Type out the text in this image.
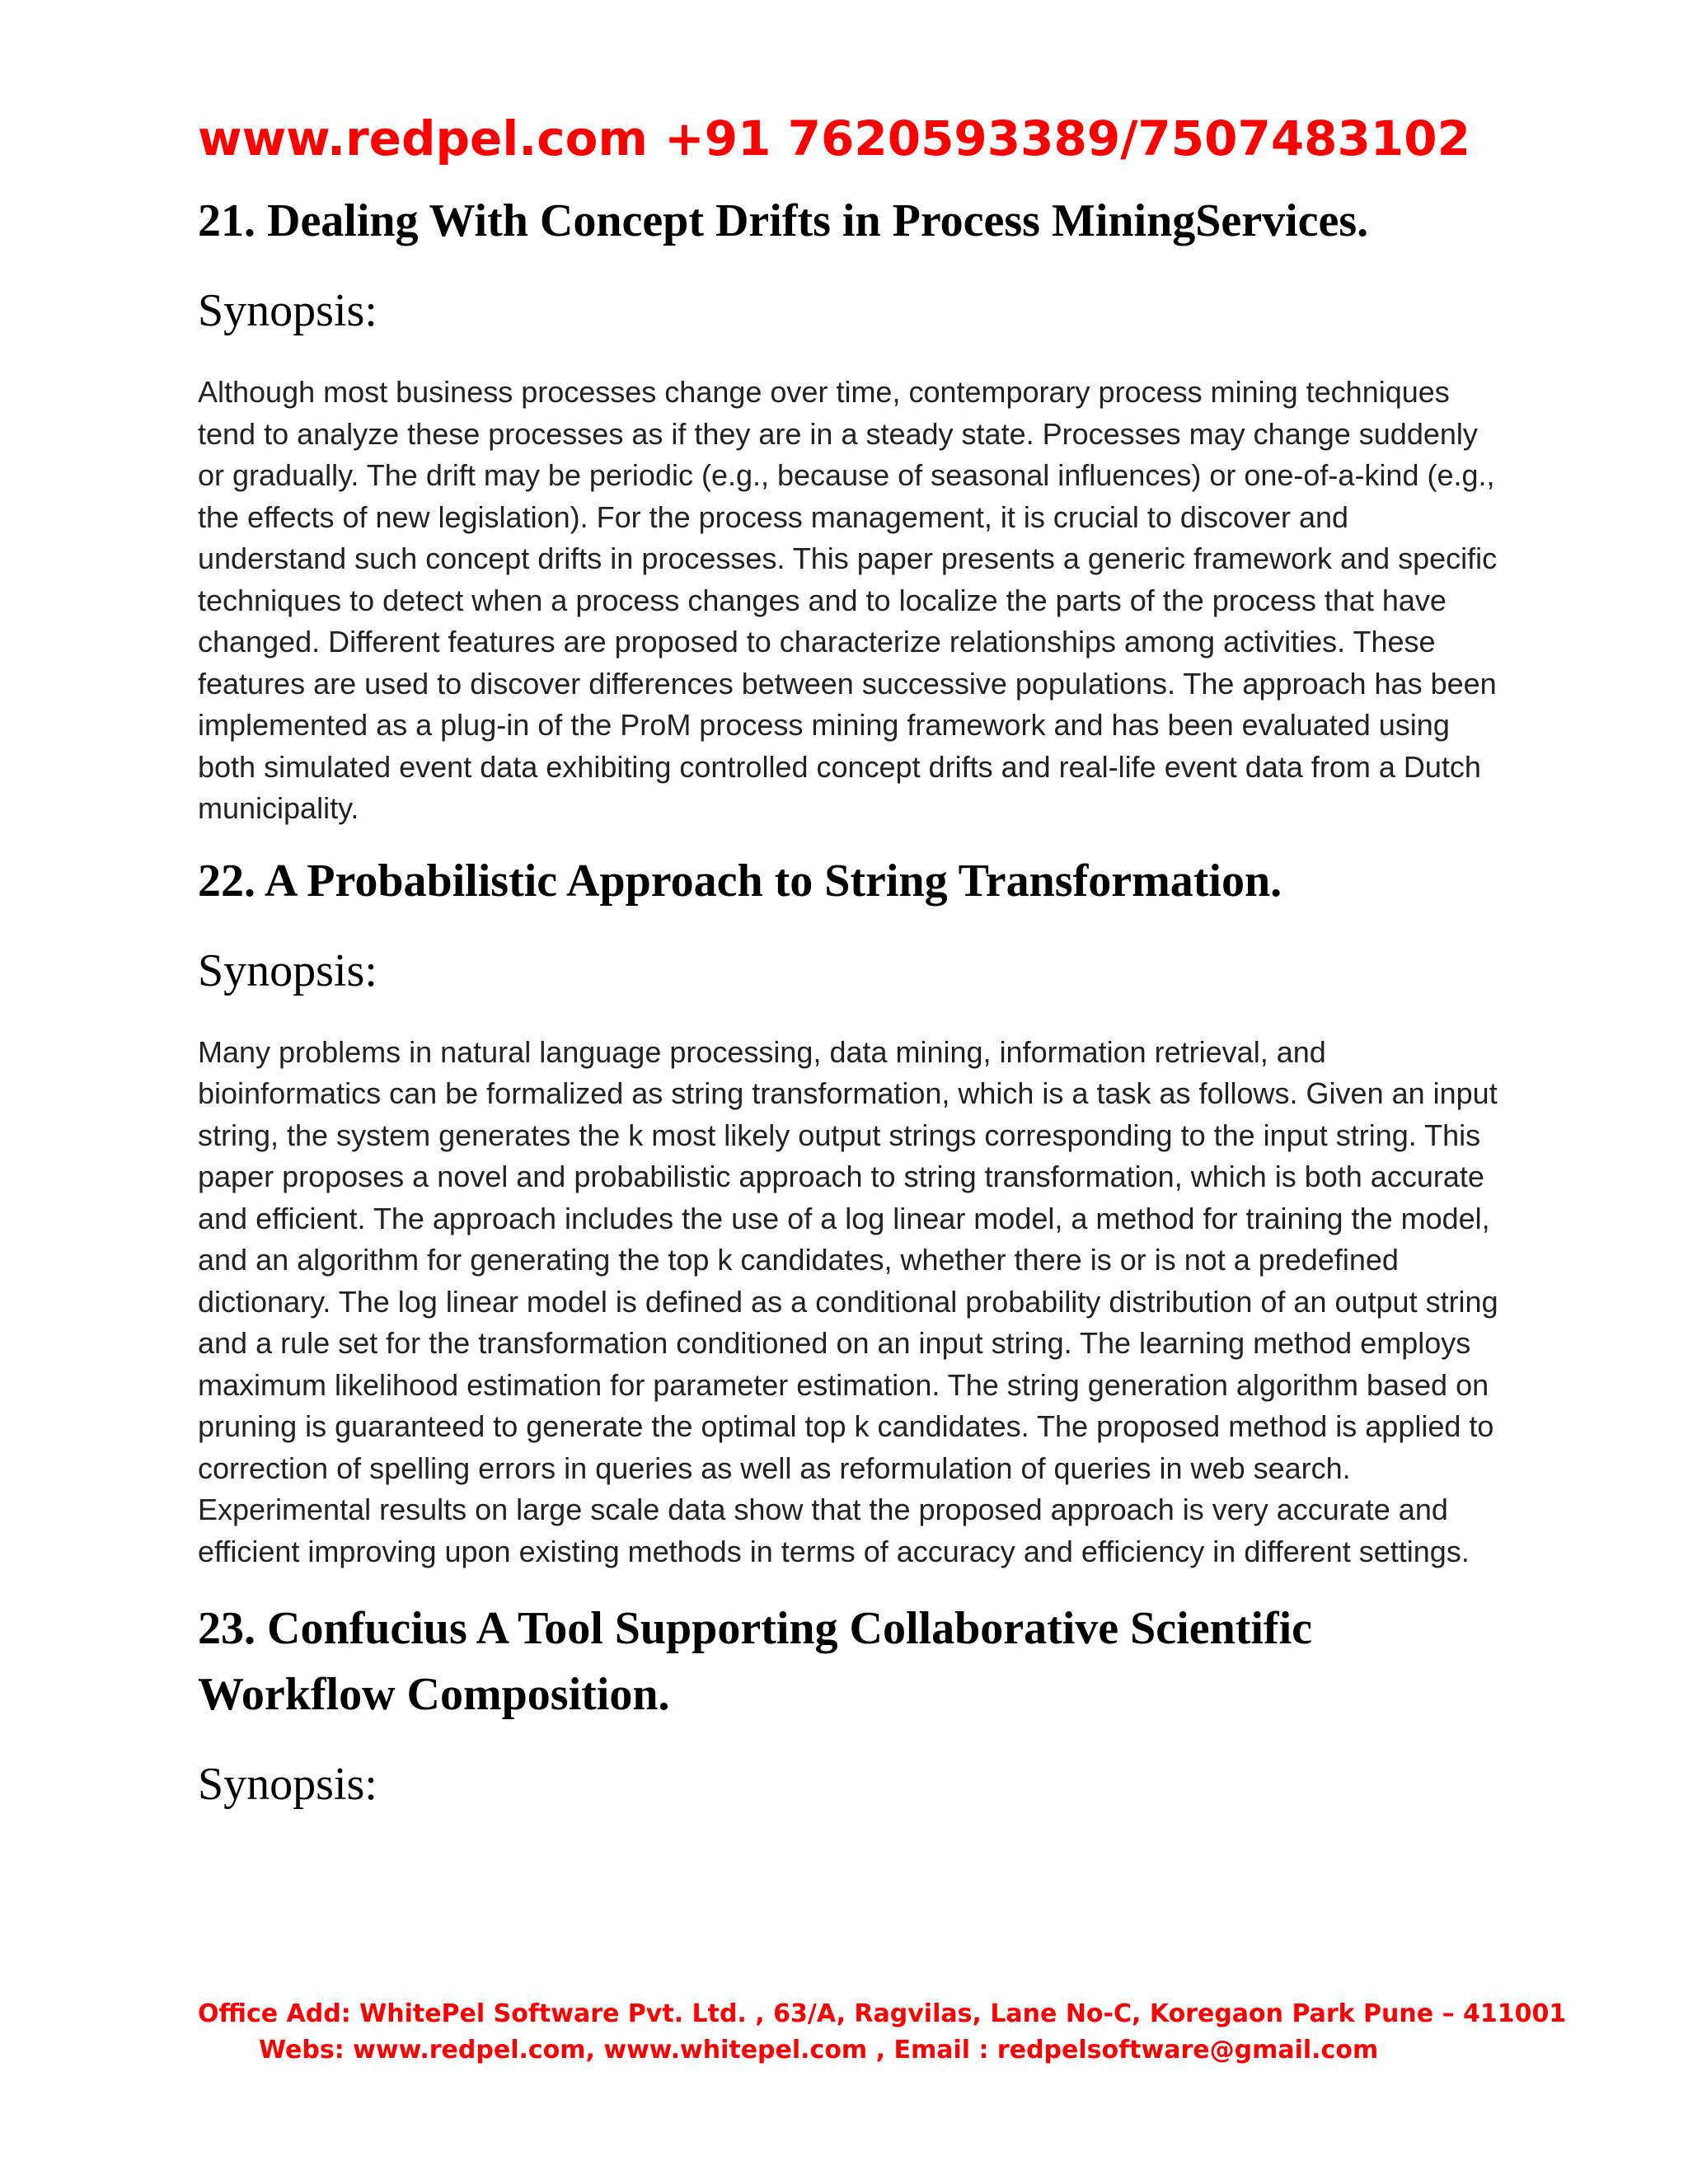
www.redpel.com +91 7620593389/7507483102

21. Dealing With Concept Drifts in Process MiningServices.
Synopsis:

Although most business processes change over time, contemporary process mining techniques tend to analyze these processes as if they are in a steady state. Processes may change suddenly or gradually. The drift may be periodic (e.g., because of seasonal influences) or one-of-a-kind (e.g., the effects of new legislation). For the process management, it is crucial to discover and understand such concept drifts in processes. This paper presents a generic framework and specific techniques to detect when a process changes and to localize the parts of the process that have changed. Different features are proposed to characterize relationships among activities. These features are used to discover differences between successive populations. The approach has been implemented as a plug-in of the ProM process mining framework and has been evaluated using both simulated event data exhibiting controlled concept drifts and real-life event data from a Dutch municipality.

22. A Probabilistic Approach to String Transformation.
Synopsis:

Many problems in natural language processing, data mining, information retrieval, and bioinformatics can be formalized as string transformation, which is a task as follows. Given an input string, the system generates the k most likely output strings corresponding to the input string. This paper proposes a novel and probabilistic approach to string transformation, which is both accurate and efficient. The approach includes the use of a log linear model, a method for training the model, and an algorithm for generating the top k candidates, whether there is or is not a predefined dictionary. The log linear model is defined as a conditional probability distribution of an output string and a rule set for the transformation conditioned on an input string. The learning method employs maximum likelihood estimation for parameter estimation. The string generation algorithm based on pruning is guaranteed to generate the optimal top k candidates. The proposed method is applied to correction of spelling errors in queries as well as reformulation of queries in web search. Experimental results on large scale data show that the proposed approach is very accurate and efficient improving upon existing methods in terms of accuracy and efficiency in different settings.

23. Confucius A Tool Supporting Collaborative Scientific Workflow Composition.
Synopsis:
Office Add: WhitePel Software Pvt. Ltd. , 63/A, Ragvilas, Lane No-C, Koregaon Park Pune – 411001
Webs: www.redpel.com, www.whitepel.com , Email : redpelsoftware@gmail.com
